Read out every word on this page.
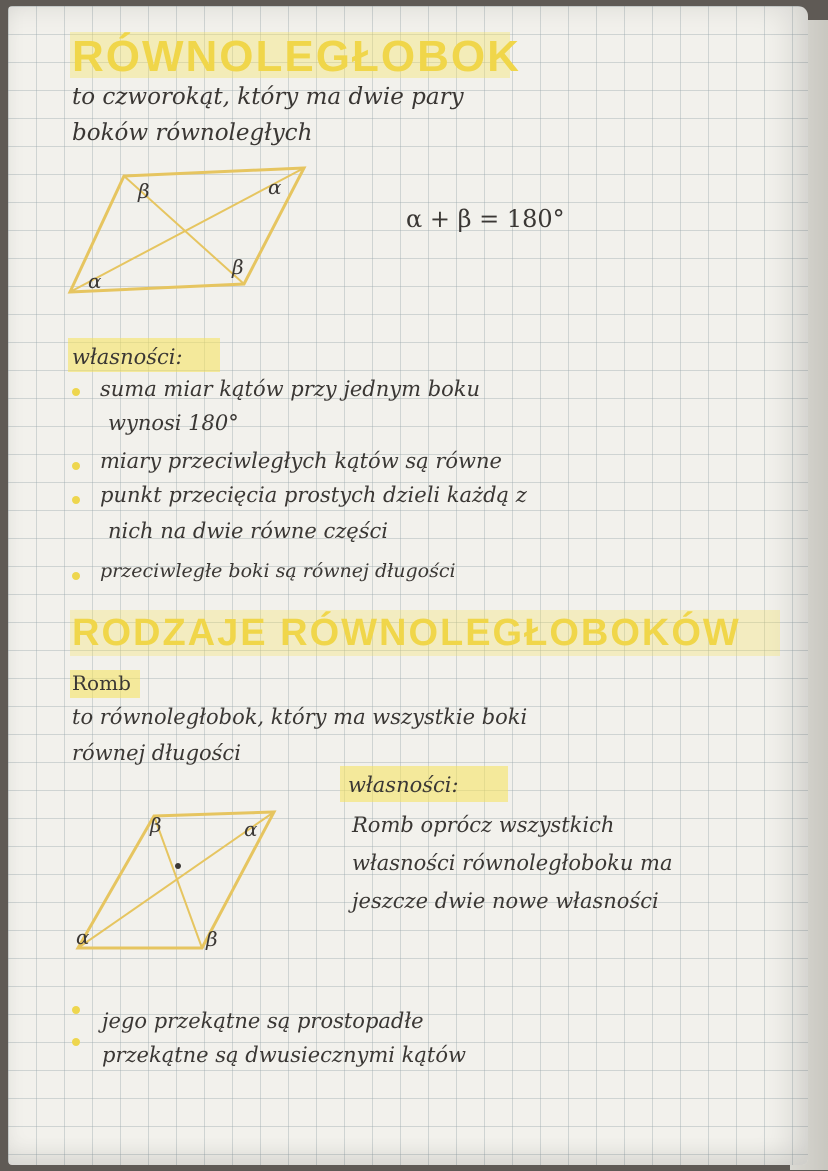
RÓWNOLEGŁOBOK
to czworokąt, który ma dwie pary
boków równoległych
β	α
α
β
α + β = 180°
własności:
suma miar kątów przy jednym boku
wynosi 180°
miary przeciwległych kątów są równe
punkt przecięcia prostych dzieli każdą z
nich na dwie równe części
przeciwległe boki są równej długości
RODZAJE RÓWNOLEGŁOBOKÓW
Romb
to równoległobok, który ma wszystkie boki
równej długości
β	α
α	β
własności:
Romb oprócz wszystkich
własności równoległoboku ma
jeszcze dwie nowe własności
jego przekątne są prostopadłe
przekątne są dwusiecznymi kątów
